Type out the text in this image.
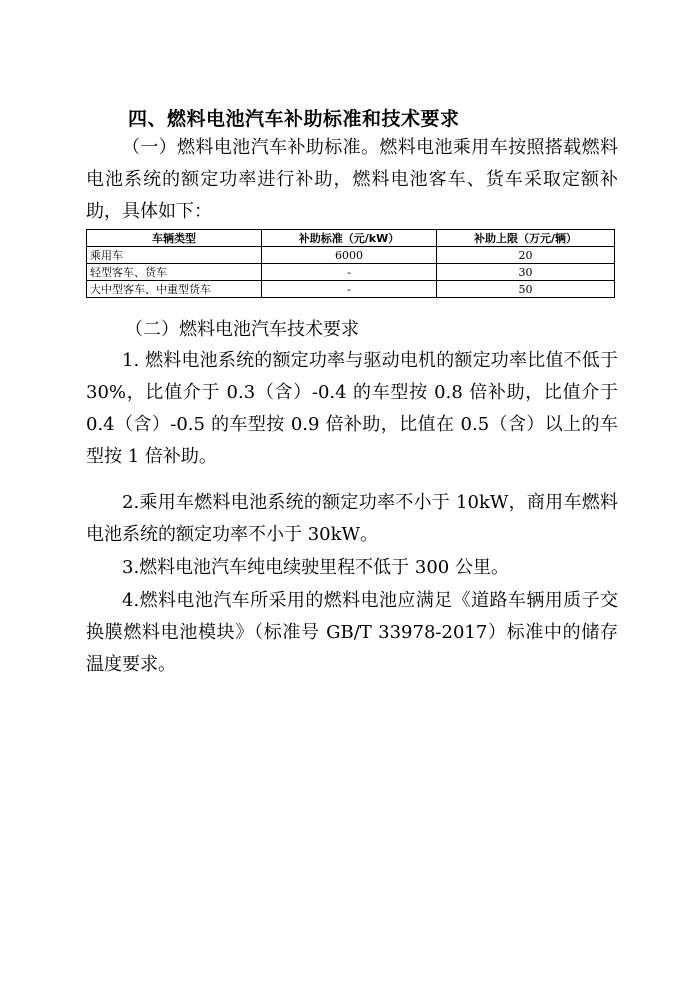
四、燃料电池汽车补助标准和技术要求

（一）燃料电池汽车补助标准。燃料电池乘用车按照搭载燃料电池系统的额定功率进行补助，燃料电池客车、货车采取定额补助，具体如下：

车辆类型	补助标准（元/kW）	补助上限（万元/辆）
乘用车	6000	20
轻型客车、货车	-	30
大中型客车、中重型货车	-	50
（二）燃料电池汽车技术要求

1. 燃料电池系统的额定功率与驱动电机的额定功率比值不低于 30%，比值介于 0.3（含）-0.4 的车型按 0.8 倍补助，比值介于 0.4（含）-0.5 的车型按 0.9 倍补助，比值在 0.5（含）以上的车型按 1 倍补助。

2.乘用车燃料电池系统的额定功率不小于 10kW，商用车燃料电池系统的额定功率不小于 30kW。

3.燃料电池汽车纯电续驶里程不低于 300 公里。

4.燃料电池汽车所采用的燃料电池应满足《道路车辆用质子交换膜燃料电池模块》（标准号 GB/T 33978-2017）标准中的储存温度要求。
